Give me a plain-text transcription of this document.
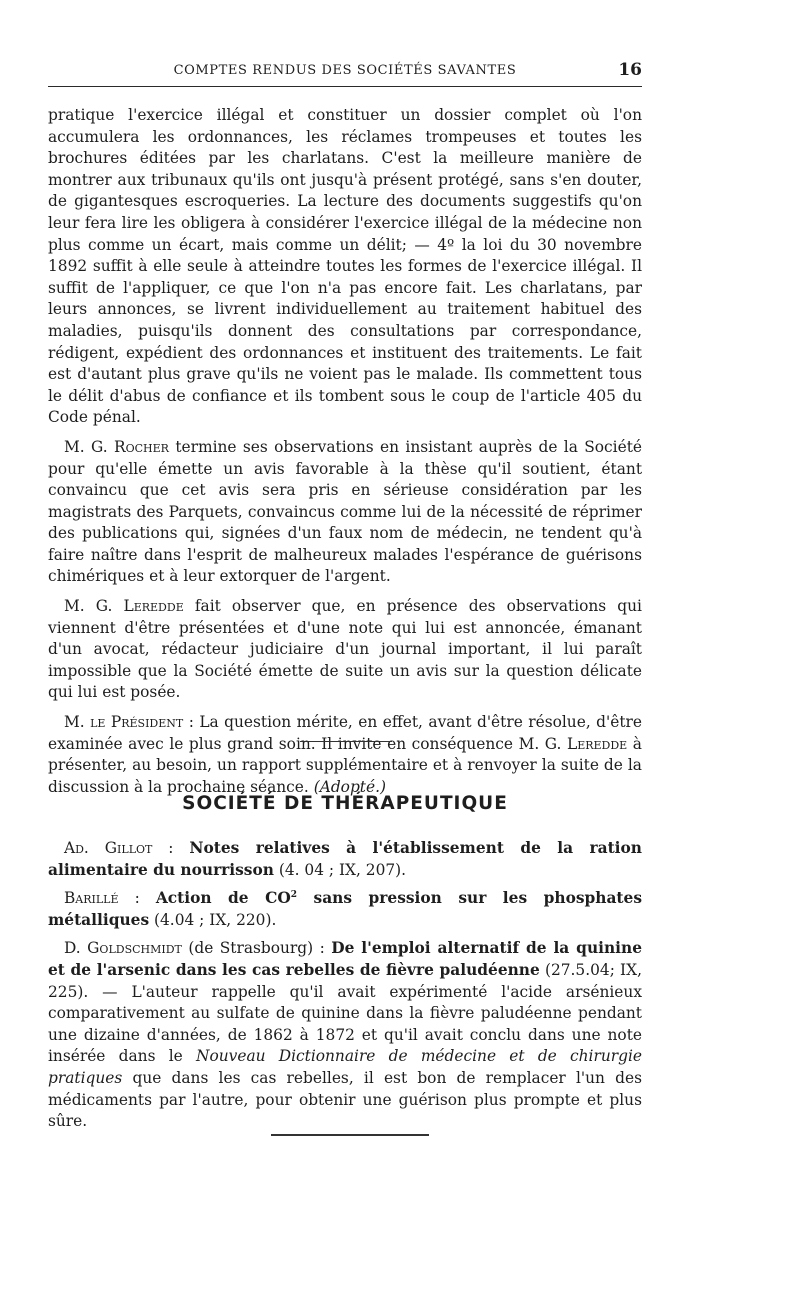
COMPTES RENDUS DES SOCIÉTÉS SAVANTES	16

pratique l'exercice illégal et constituer un dossier complet où l'on accumulera les ordonnances, les réclames trompeuses et toutes les brochures éditées par les charlatans. C'est la meilleure manière de montrer aux tribunaux qu'ils ont jusqu'à présent protégé, sans s'en douter, de gigantesques escroqueries. La lecture des documents suggestifs qu'on leur fera lire les obligera à considérer l'exercice illégal de la médecine non plus comme un écart, mais comme un délit; — 4º la loi du 30 novembre 1892 suffit à elle seule à atteindre toutes les formes de l'exercice illégal. Il suffit de l'appliquer, ce que l'on n'a pas encore fait. Les charlatans, par leurs annonces, se livrent individuellement au traitement habituel des maladies, puisqu'ils donnent des consultations par correspondance, rédigent, expédient des ordonnances et instituent des traitements. Le fait est d'autant plus grave qu'ils ne voient pas le malade. Ils commettent tous le délit d'abus de confiance et ils tombent sous le coup de l'article 405 du Code pénal.

M. G. Rocher termine ses observations en insistant auprès de la Société pour qu'elle émette un avis favorable à la thèse qu'il soutient, étant convaincu que cet avis sera pris en sérieuse considération par les magistrats des Parquets, convaincus comme lui de la nécessité de réprimer des publications qui, signées d'un faux nom de médecin, ne tendent qu'à faire naître dans l'esprit de malheureux malades l'espérance de guérisons chimériques et à leur extorquer de l'argent.

M. G. Leredde fait observer que, en présence des observations qui viennent d'être présentées et d'une note qui lui est annoncée, émanant d'un avocat, rédacteur judiciaire d'un journal important, il lui paraît impossible que la Société émette de suite un avis sur la question délicate qui lui est posée.

M. le Président : La question mérite, en effet, avant d'être résolue, d'être examinée avec le plus grand soin. Il invite en conséquence M. G. Leredde à présenter, au besoin, un rapport supplémentaire et à renvoyer la suite de la discussion à la prochaine séance. (Adopté.)

SOCIÉTÉ DE THÉRAPEUTIQUE

Ad. Gillot : Notes relatives à l'établissement de la ration alimentaire du nourrisson (4. 04 ; IX, 207).

Barillé : Action de $CO^2$ sans pression sur les phosphates métalliques (4.04 ; IX, 220).

D. Goldschmidt (de Strasbourg) : De l'emploi alternatif de la quinine et de l'arsenic dans les cas rebelles de fièvre paludéenne (27.5.04; IX, 225). — L'auteur rappelle qu'il avait expérimenté l'acide arsénieux comparativement au sulfate de quinine dans la fièvre paludéenne pendant une dizaine d'années, de 1862 à 1872 et qu'il avait conclu dans une note insérée dans le Nouveau Dictionnaire de médecine et de chirurgie pratiques que dans les cas rebelles, il est bon de remplacer l'un des médicaments par l'autre, pour obtenir une guérison plus prompte et plus sûre.
